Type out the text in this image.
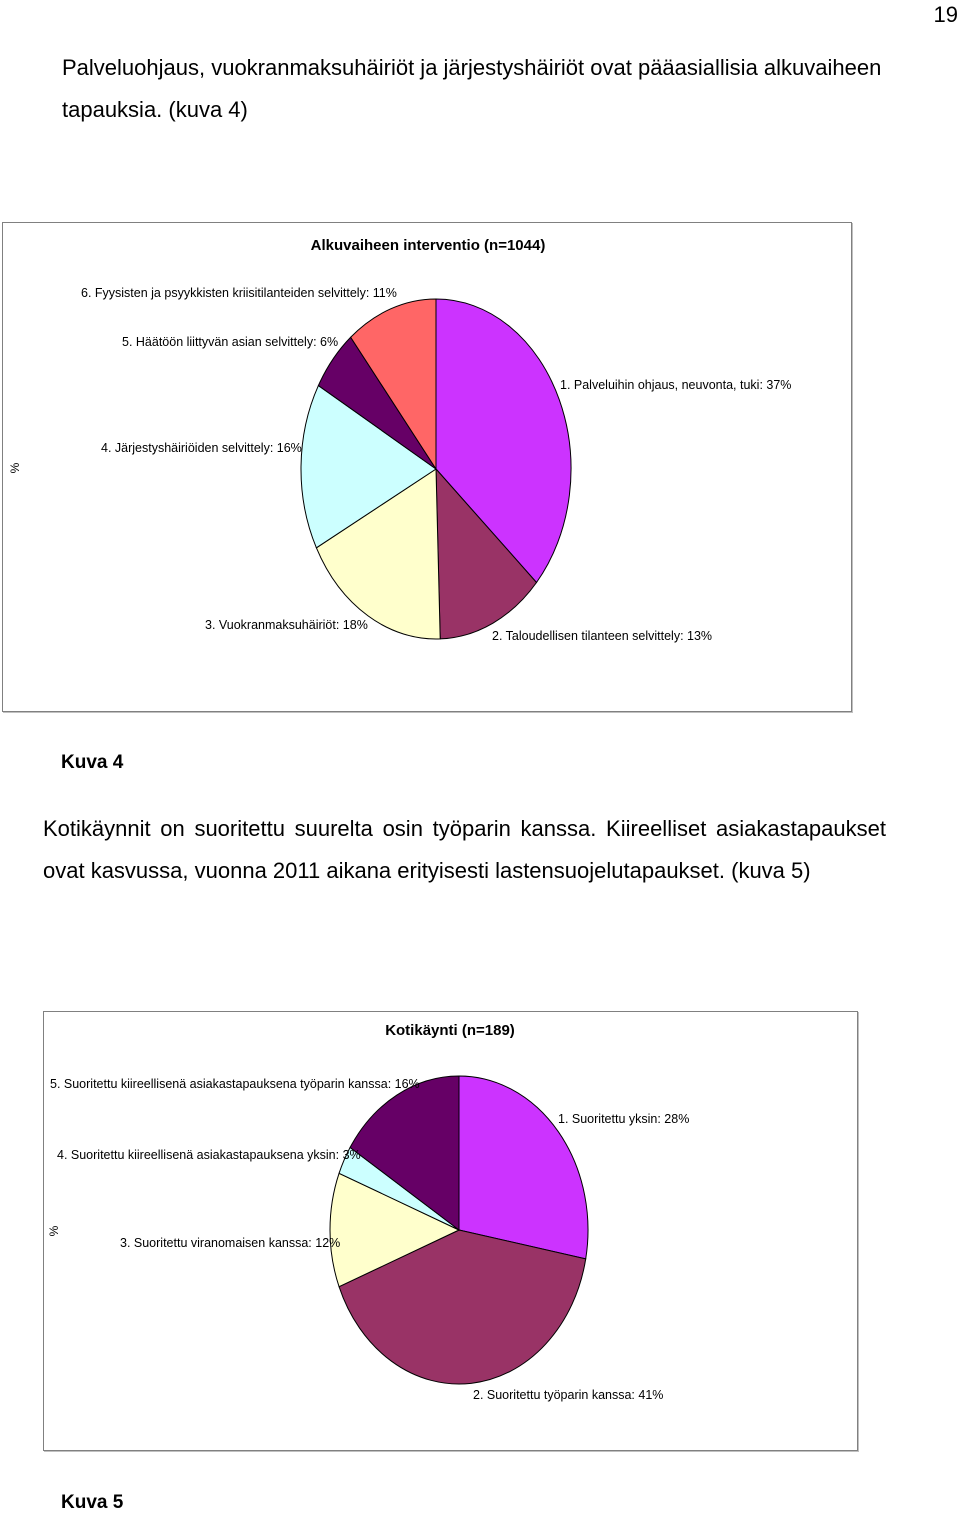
19

Palveluohjaus, vuokranmaksuhäiriöt ja järjestyshäiriöt ovat pääasiallisia alkuvaiheen tapauksia. (kuva 4)

Alkuvaiheen interventio (n=1044)
%
1. Palveluihin ohjaus, neuvonta, tuki: 37%
2. Taloudellisen tilanteen selvittely: 13%
3. Vuokranmaksuhäiriöt: 18%
4. Järjestyshäiriöiden selvittely: 16%
5. Häätöön liittyvän asian selvittely: 6%
6. Fyysisten ja psyykkisten kriisitilanteiden selvittely: 11%
Kuva 4

Kotikäynnit on suoritettu suurelta osin työparin kanssa. Kiireelliset asiakastapaukset ovat kasvussa, vuonna 2011 aikana erityisesti lastensuojelutapaukset. (kuva 5)

Kotikäynti (n=189)
%
1. Suoritettu yksin: 28%
2. Suoritettu työparin kanssa: 41%
3. Suoritettu viranomaisen kanssa: 12%
4. Suoritettu kiireellisenä asiakastapauksena yksin: 3%
5. Suoritettu kiireellisenä asiakastapauksena työparin kanssa: 16%
Kuva 5
